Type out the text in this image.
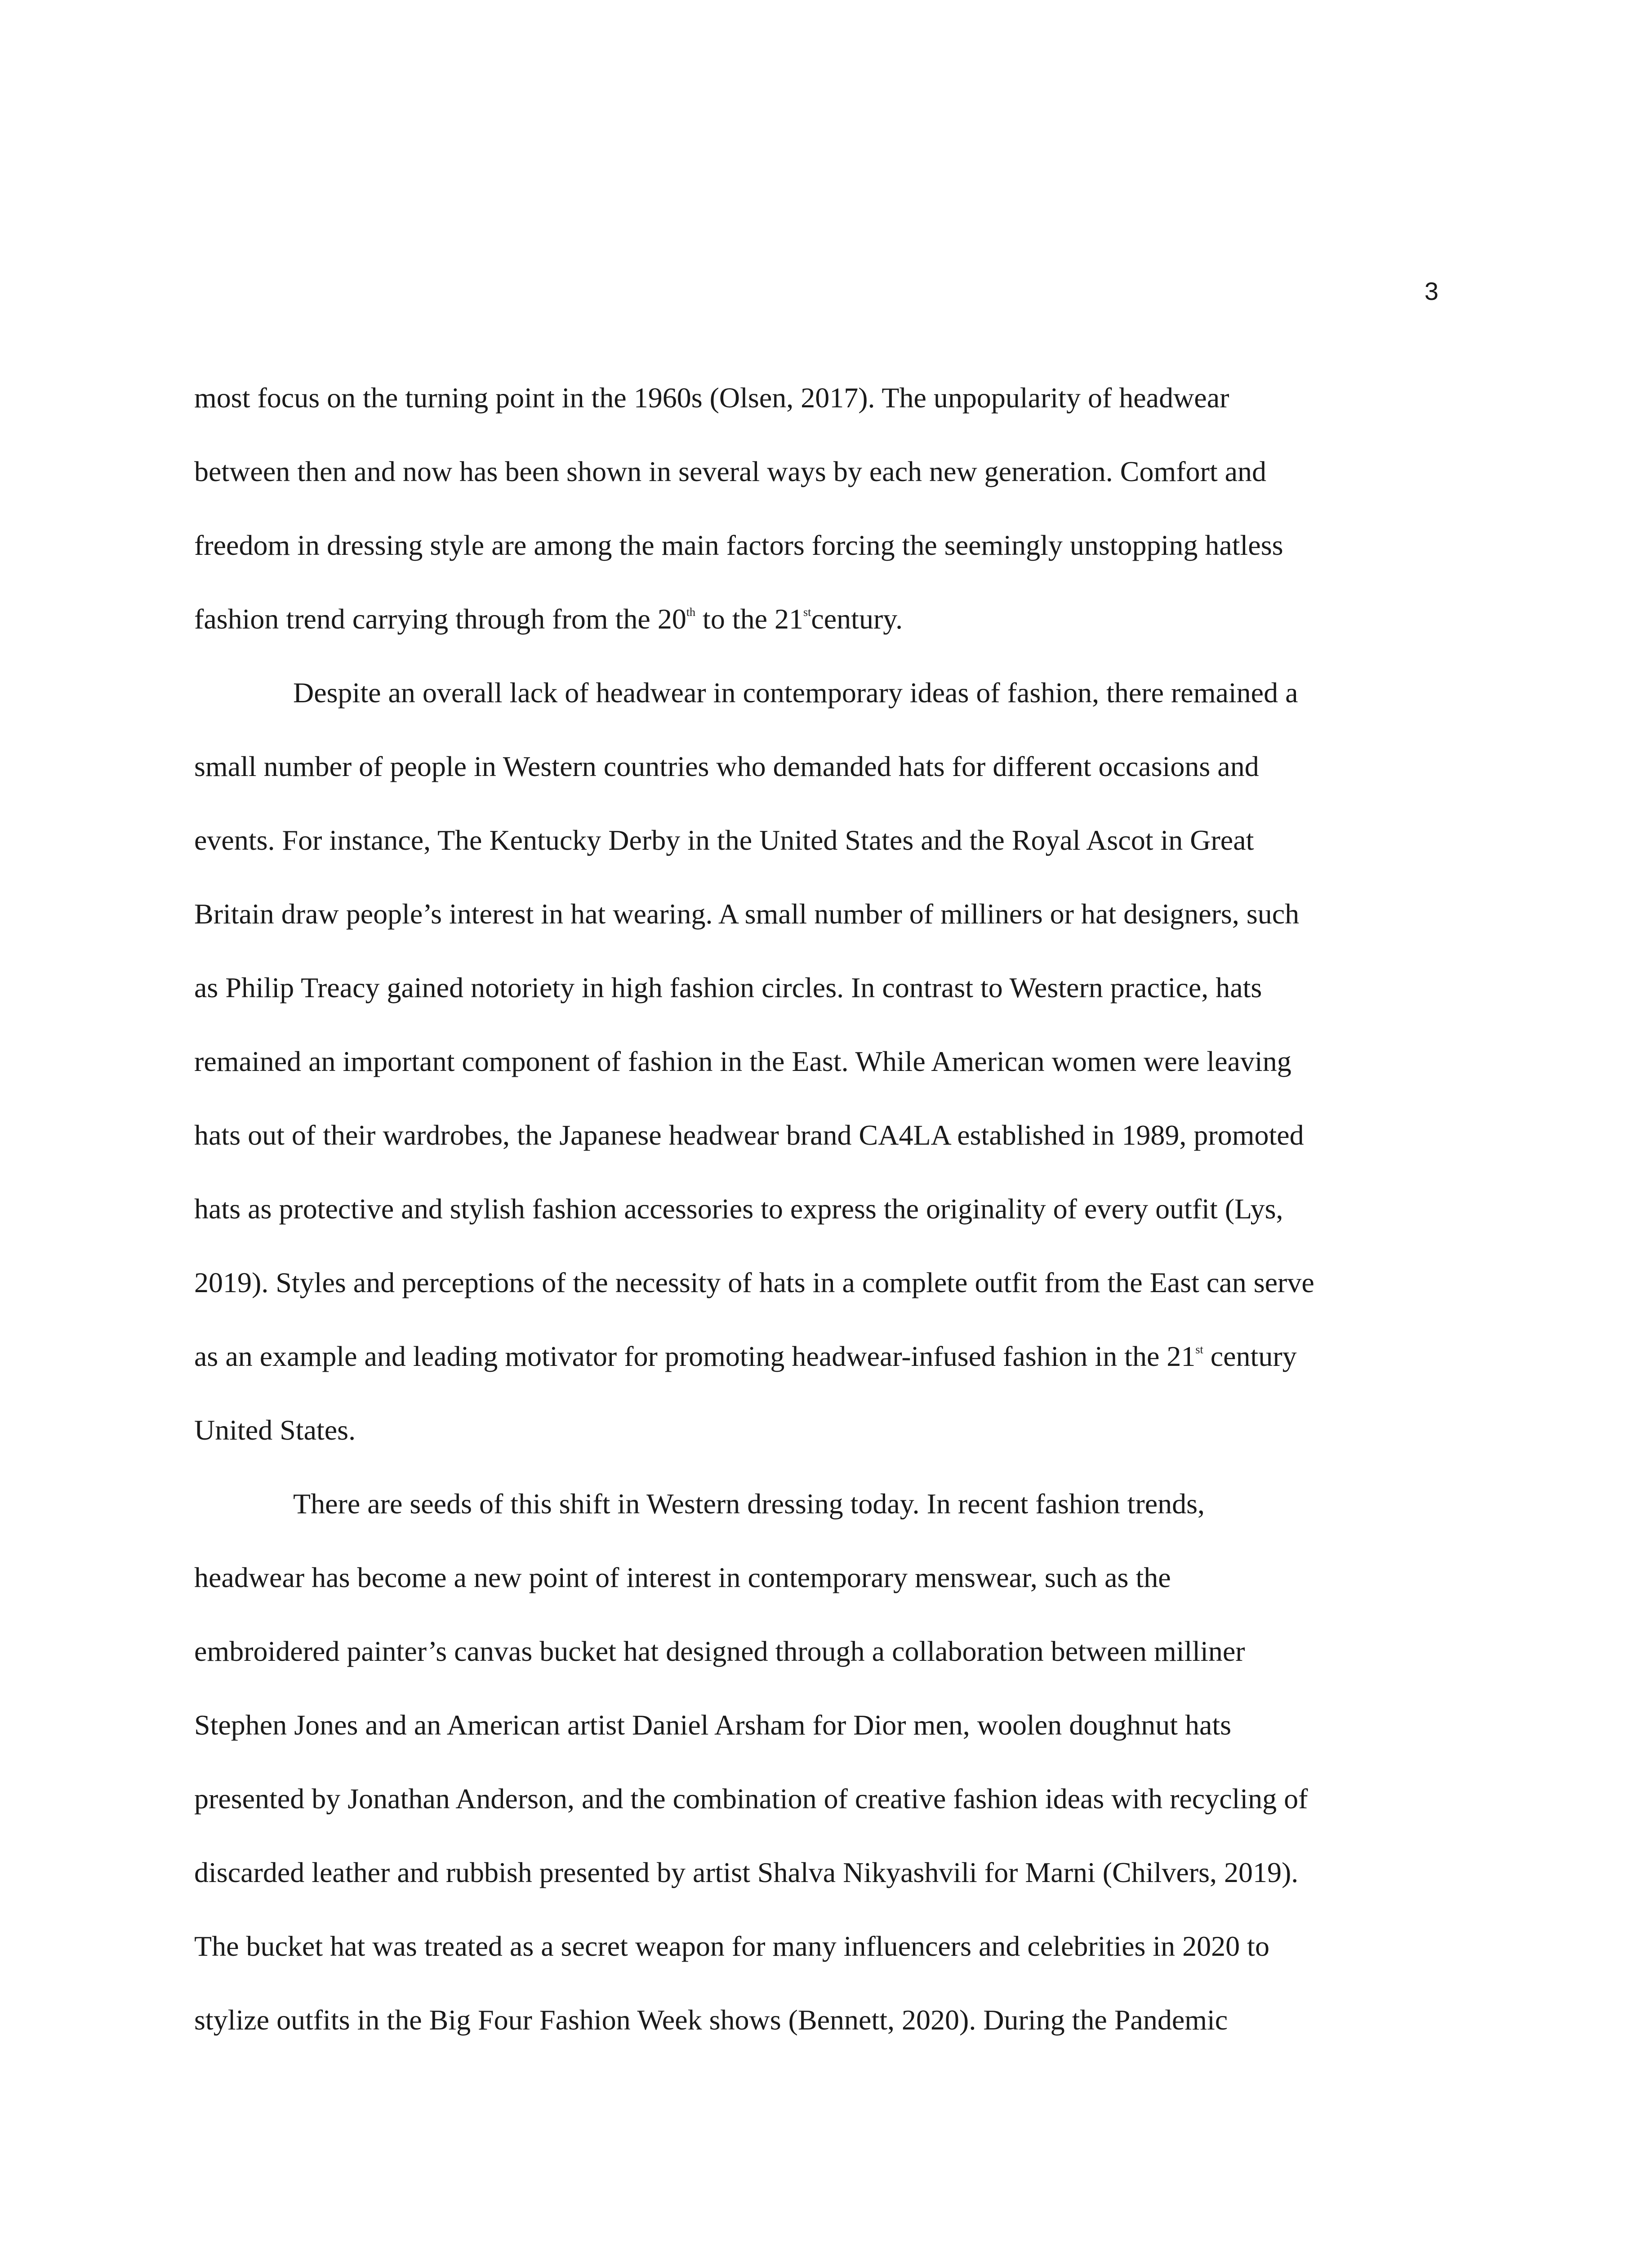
3
most focus on the turning point in the 1960s (Olsen, 2017). The unpopularity of headwear
between then and now has been shown in several ways by each new generation. Comfort and
freedom in dressing style are among the main factors forcing the seemingly unstopping hatless
fashion trend carrying through from the 20th to the 21stcentury.
Despite an overall lack of headwear in contemporary ideas of fashion, there remained a
small number of people in Western countries who demanded hats for different occasions and
events. For instance, The Kentucky Derby in the United States and the Royal Ascot in Great
Britain draw people’s interest in hat wearing. A small number of milliners or hat designers, such
as Philip Treacy gained notoriety in high fashion circles. In contrast to Western practice, hats
remained an important component of fashion in the East. While American women were leaving
hats out of their wardrobes, the Japanese headwear brand CA4LA established in 1989, promoted
hats as protective and stylish fashion accessories to express the originality of every outfit (Lys,
2019). Styles and perceptions of the necessity of hats in a complete outfit from the East can serve
as an example and leading motivator for promoting headwear-infused fashion in the 21st century
United States.
There are seeds of this shift in Western dressing today. In recent fashion trends,
headwear has become a new point of interest in contemporary menswear, such as the
embroidered painter’s canvas bucket hat designed through a collaboration between milliner
Stephen Jones and an American artist Daniel Arsham for Dior men, woolen doughnut hats
presented by Jonathan Anderson, and the combination of creative fashion ideas with recycling of
discarded leather and rubbish presented by artist Shalva Nikyashvili for Marni (Chilvers, 2019).
The bucket hat was treated as a secret weapon for many influencers and celebrities in 2020 to
stylize outfits in the Big Four Fashion Week shows (Bennett, 2020). During the Pandemic
